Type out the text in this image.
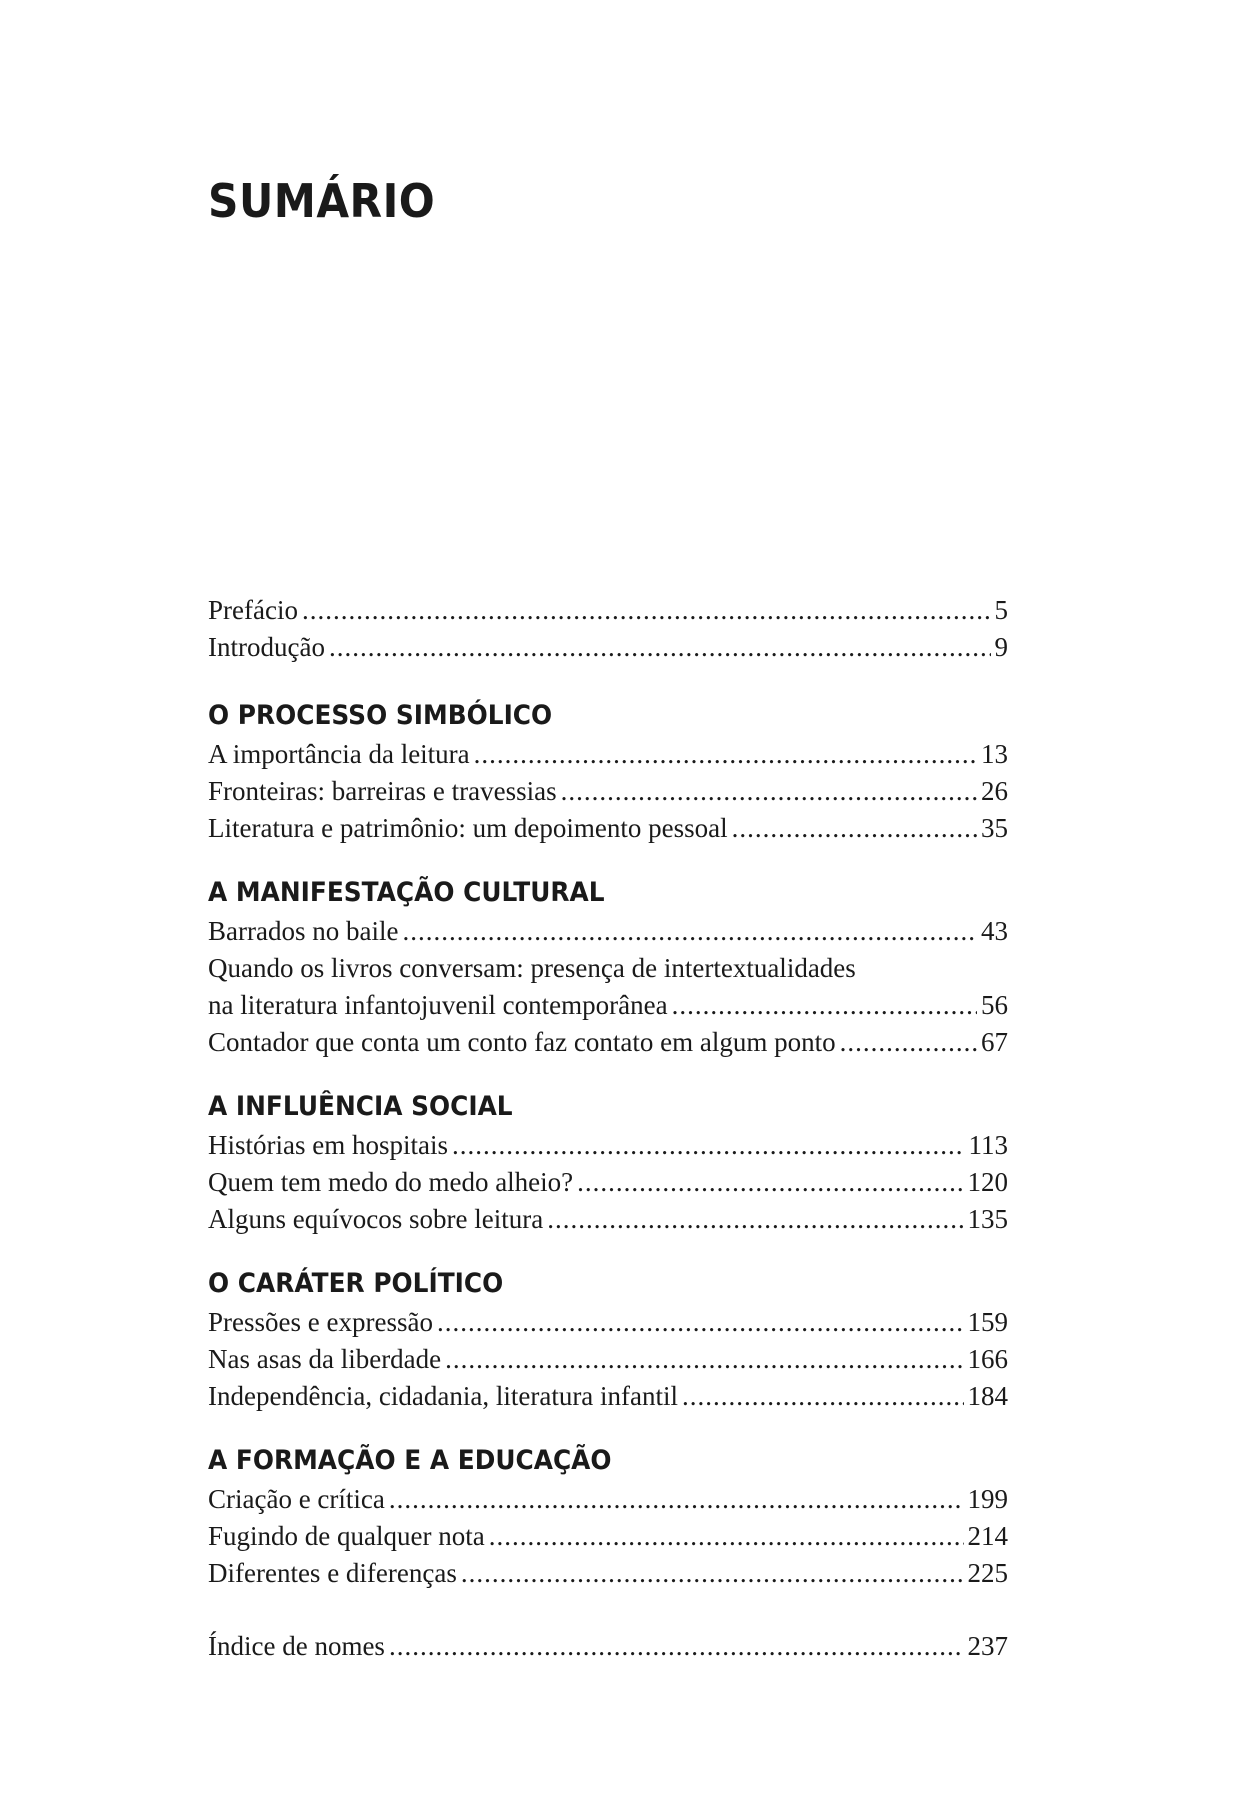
SUMÁRIO
Prefácio .....	5
Introdução .....	9
O PROCESSO SIMBÓLICO
A importância da leitura .....	13
Fronteiras: barreiras e travessias .....	26
Literatura e patrimônio: um depoimento pessoal .....	35
A MANIFESTAÇÃO CULTURAL
Barrados no baile .....	43
Quando os livros conversam: presença de intertextualidades
na literatura infantojuvenil contemporânea .....	56
Contador que conta um conto faz contato em algum ponto .....	67
A INFLUÊNCIA SOCIAL
Histórias em hospitais .....	113
Quem tem medo do medo alheio? .....	120
Alguns equívocos sobre leitura .....	135
O CARÁTER POLÍTICO
Pressões e expressão .....	159
Nas asas da liberdade .....	166
Independência, cidadania, literatura infantil .....	184
A FORMAÇÃO E A EDUCAÇÃO
Criação e crítica .....	199
Fugindo de qualquer nota .....	214
Diferentes e diferenças .....	225
Índice de nomes .....	237
